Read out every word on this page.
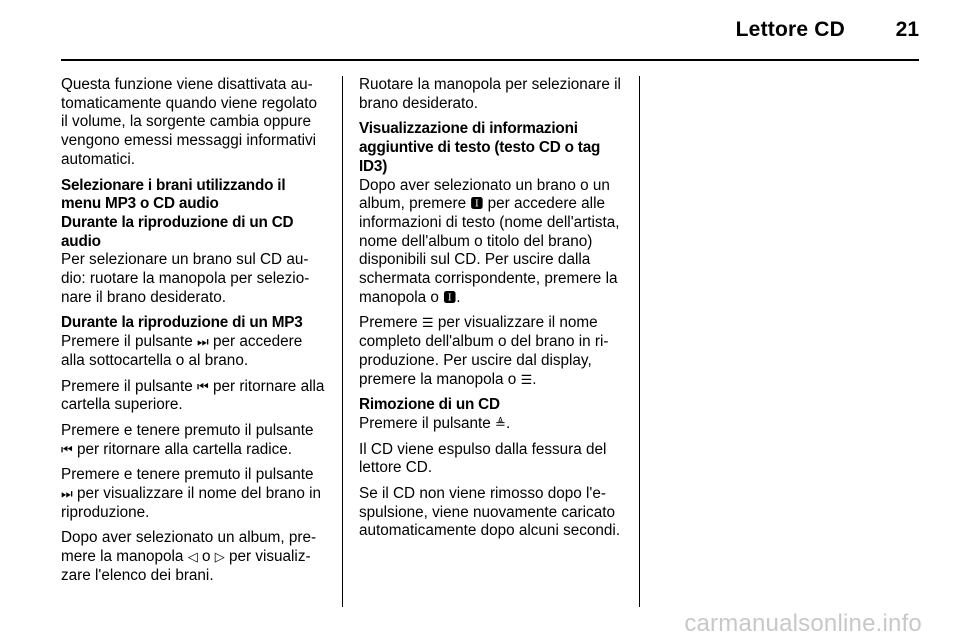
Lettore CD 21

Questa funzione viene disattivata automaticamente quando viene regolato il volume, la sorgente cambia oppure vengono emessi messaggi informativi automatici.

Selezionare i brani utilizzando il menu MP3 o CD audio
Durante la riproduzione di un CD audio

Per selezionare un brano sul CD audio: ruotare la manopola per selezionare il brano desiderato.

Durante la riproduzione di un MP3

Premere il pulsante ⏭ per accedere alla sottocartella o al brano.

Premere il pulsante ⏮ per ritornare alla cartella superiore.

Premere e tenere premuto il pulsante ⏮ per ritornare alla cartella radice.

Premere e tenere premuto il pulsante ⏭ per visualizzare il nome del brano in riproduzione.

Dopo aver selezionato un album, premere la manopola ◁ o ▷ per visualizzare l'elenco dei brani.

Ruotare la manopola per selezionare il brano desiderato.

Visualizzazione di informazioni aggiuntive di testo (testo CD o tag ID3)

Dopo aver selezionato un brano o un album, premere 🅸 per accedere alle informazioni di testo (nome dell'artista, nome dell'album o titolo del brano) disponibili sul CD. Per uscire dalla schermata corrispondente, premere la manopola o 🅸.

Premere ☰ per visualizzare il nome completo dell'album o del brano in riproduzione. Per uscire dal display, premere la manopola o ☰.

Rimozione di un CD

Premere il pulsante ≜.

Il CD viene espulso dalla fessura del lettore CD.

Se il CD non viene rimosso dopo l'espulsione, viene nuovamente caricato automaticamente dopo alcuni secondi.

carmanualsonline.info
